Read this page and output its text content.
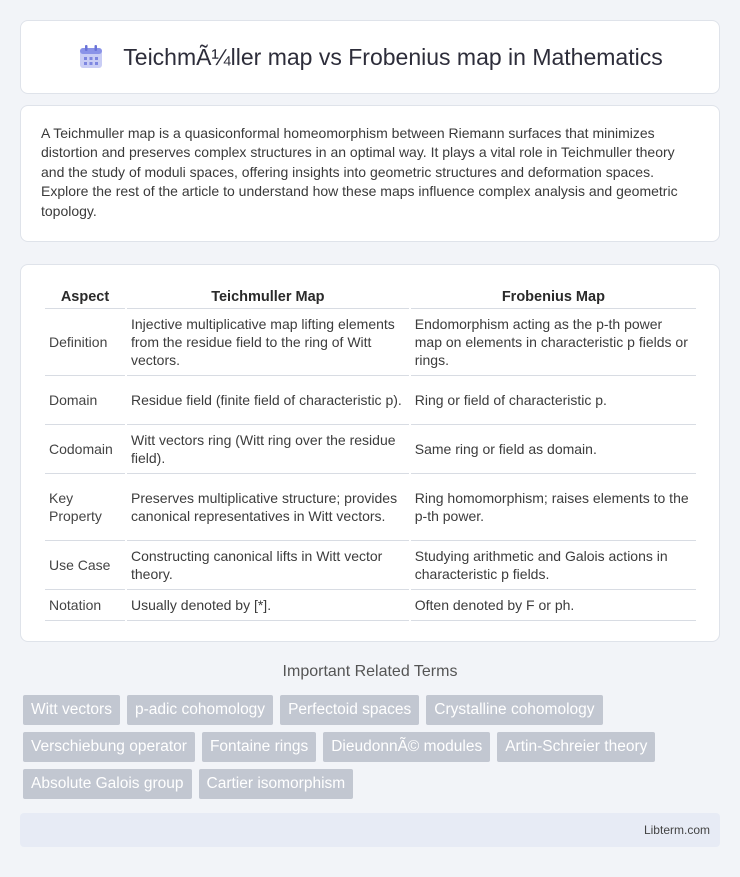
TeichmÃ¼ller map vs Frobenius map in Mathematics

A Teichmuller map is a quasiconformal homeomorphism between Riemann surfaces that minimizes distortion and preserves complex structures in an optimal way. It plays a vital role in Teichmuller theory and the study of moduli spaces, offering insights into geometric structures and deformation spaces. Explore the rest of the article to understand how these maps influence complex analysis and geometric topology.

Aspect	Teichmuller Map	Frobenius Map
Definition	Injective multiplicative map lifting elements from the residue field to the ring of Witt vectors.	Endomorphism acting as the p-th power map on elements in characteristic p fields or rings.
Domain	Residue field (finite field of characteristic p).	Ring or field of characteristic p.
Codomain	Witt vectors ring (Witt ring over the residue field).	Same ring or field as domain.
Key Property	Preserves multiplicative structure; provides canonical representatives in Witt vectors.	Ring homomorphism; raises elements to the p-th power.
Use Case	Constructing canonical lifts in Witt vector theory.	Studying arithmetic and Galois actions in characteristic p fields.
Notation	Usually denoted by [*].	Often denoted by F or ph.
Important Related Terms
Witt vectors	p-adic cohomology	Perfectoid spaces	Crystalline cohomology
Verschiebung operator	Fontaine rings	DieudonnÃ© modules	Artin-Schreier theory
Absolute Galois group	Cartier isomorphism
Libterm.com
